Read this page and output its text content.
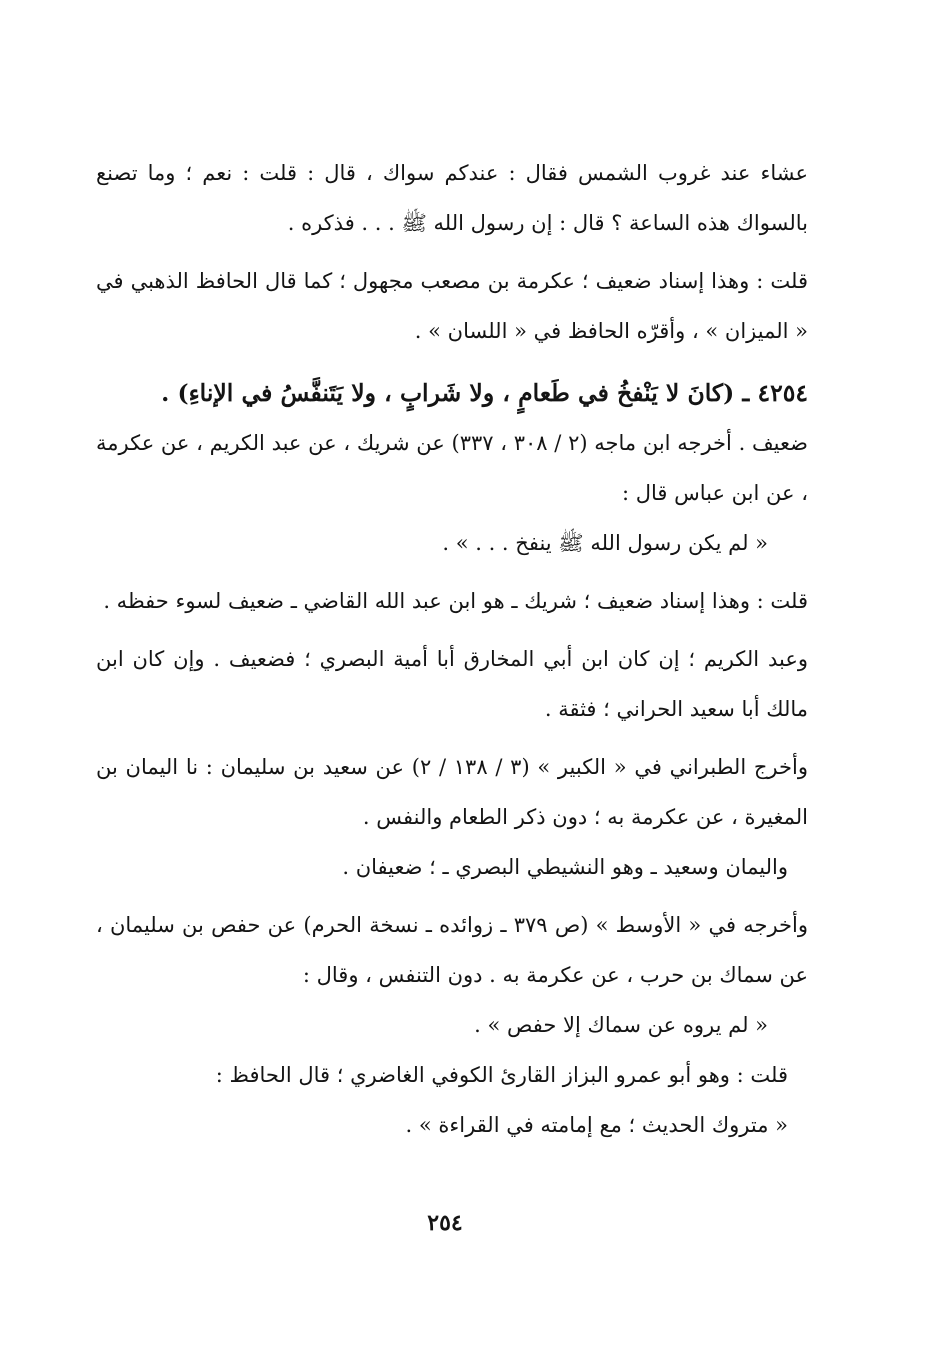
عشاء عند غروب الشمس فقال : عندكم سواك ، قال : قلت : نعم ؛ وما تصنع بالسواك هذه الساعة ؟ قال : إن رسول الله ﷺ . . . فذكره .

قلت : وهذا إسناد ضعيف ؛ عكرمة بن مصعب مجهول ؛ كما قال الحافظ الذهبي في « الميزان » ، وأقرّه الحافظ في « اللسان » .

٤٢٥٤ ـ (كانَ لا يَنْفخُ في طَعامٍ ، ولا شَرابٍ ، ولا يَتَنفَّسُ في الإناءِ) .

ضعيف . أخرجه ابن ماجه (٢ / ٣٠٨ ، ٣٣٧) عن شريك ، عن عبد الكريم ، عن عكرمة ، عن ابن عباس قال :

« لم يكن رسول الله ﷺ ينفخ . . . » .

قلت : وهذا إسناد ضعيف ؛ شريك ـ هو ابن عبد الله القاضي ـ ضعيف لسوء حفظه .

وعبد الكريم ؛ إن كان ابن أبي المخارق أبا أمية البصري ؛ فضعيف . وإن كان ابن مالك أبا سعيد الحراني ؛ فثقة .

وأخرج الطبراني في « الكبير » (٣ / ١٣٨ / ٢) عن سعيد بن سليمان : نا اليمان بن المغيرة ، عن عكرمة به ؛ دون ذكر الطعام والنفس .

واليمان وسعيد ـ وهو النشيطي البصري ـ ؛ ضعيفان .

وأخرجه في « الأوسط » (ص ٣٧٩ ـ زوائده ـ نسخة الحرم) عن حفص بن سليمان ، عن سماك بن حرب ، عن عكرمة به . دون التنفس ، وقال :

« لم يروه عن سماك إلا حفص » .

قلت : وهو أبو عمرو البزاز القارئ الكوفي الغاضري ؛ قال الحافظ :

« متروك الحديث ؛ مع إمامته في القراءة » .

٢٥٤
